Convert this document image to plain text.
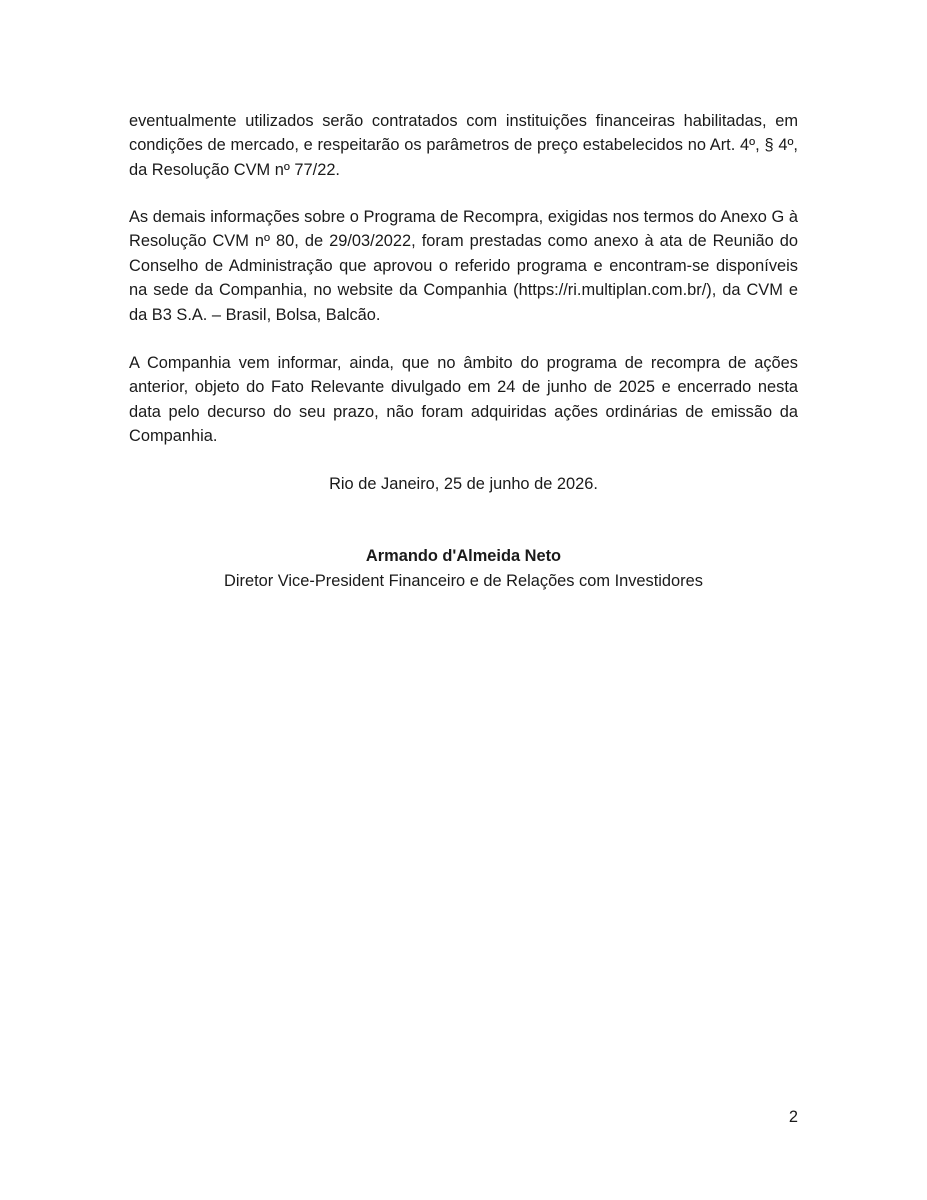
eventualmente utilizados serão contratados com instituições financeiras habilitadas, em condições de mercado, e respeitarão os parâmetros de preço estabelecidos no Art. 4º, § 4º, da Resolução CVM nº 77/22.

As demais informações sobre o Programa de Recompra, exigidas nos termos do Anexo G à Resolução CVM nº 80, de 29/03/2022, foram prestadas como anexo à ata de Reunião do Conselho de Administração que aprovou o referido programa e encontram-se disponíveis na sede da Companhia, no website da Companhia (https://ri.multiplan.com.br/), da CVM e da B3 S.A. – Brasil, Bolsa, Balcão.

A Companhia vem informar, ainda, que no âmbito do programa de recompra de ações anterior, objeto do Fato Relevante divulgado em 24 de junho de 2025 e encerrado nesta data pelo decurso do seu prazo, não foram adquiridas ações ordinárias de emissão da Companhia.

Rio de Janeiro, 25 de junho de 2026.

Armando d'Almeida Neto

Diretor Vice-President Financeiro e de Relações com Investidores

2
